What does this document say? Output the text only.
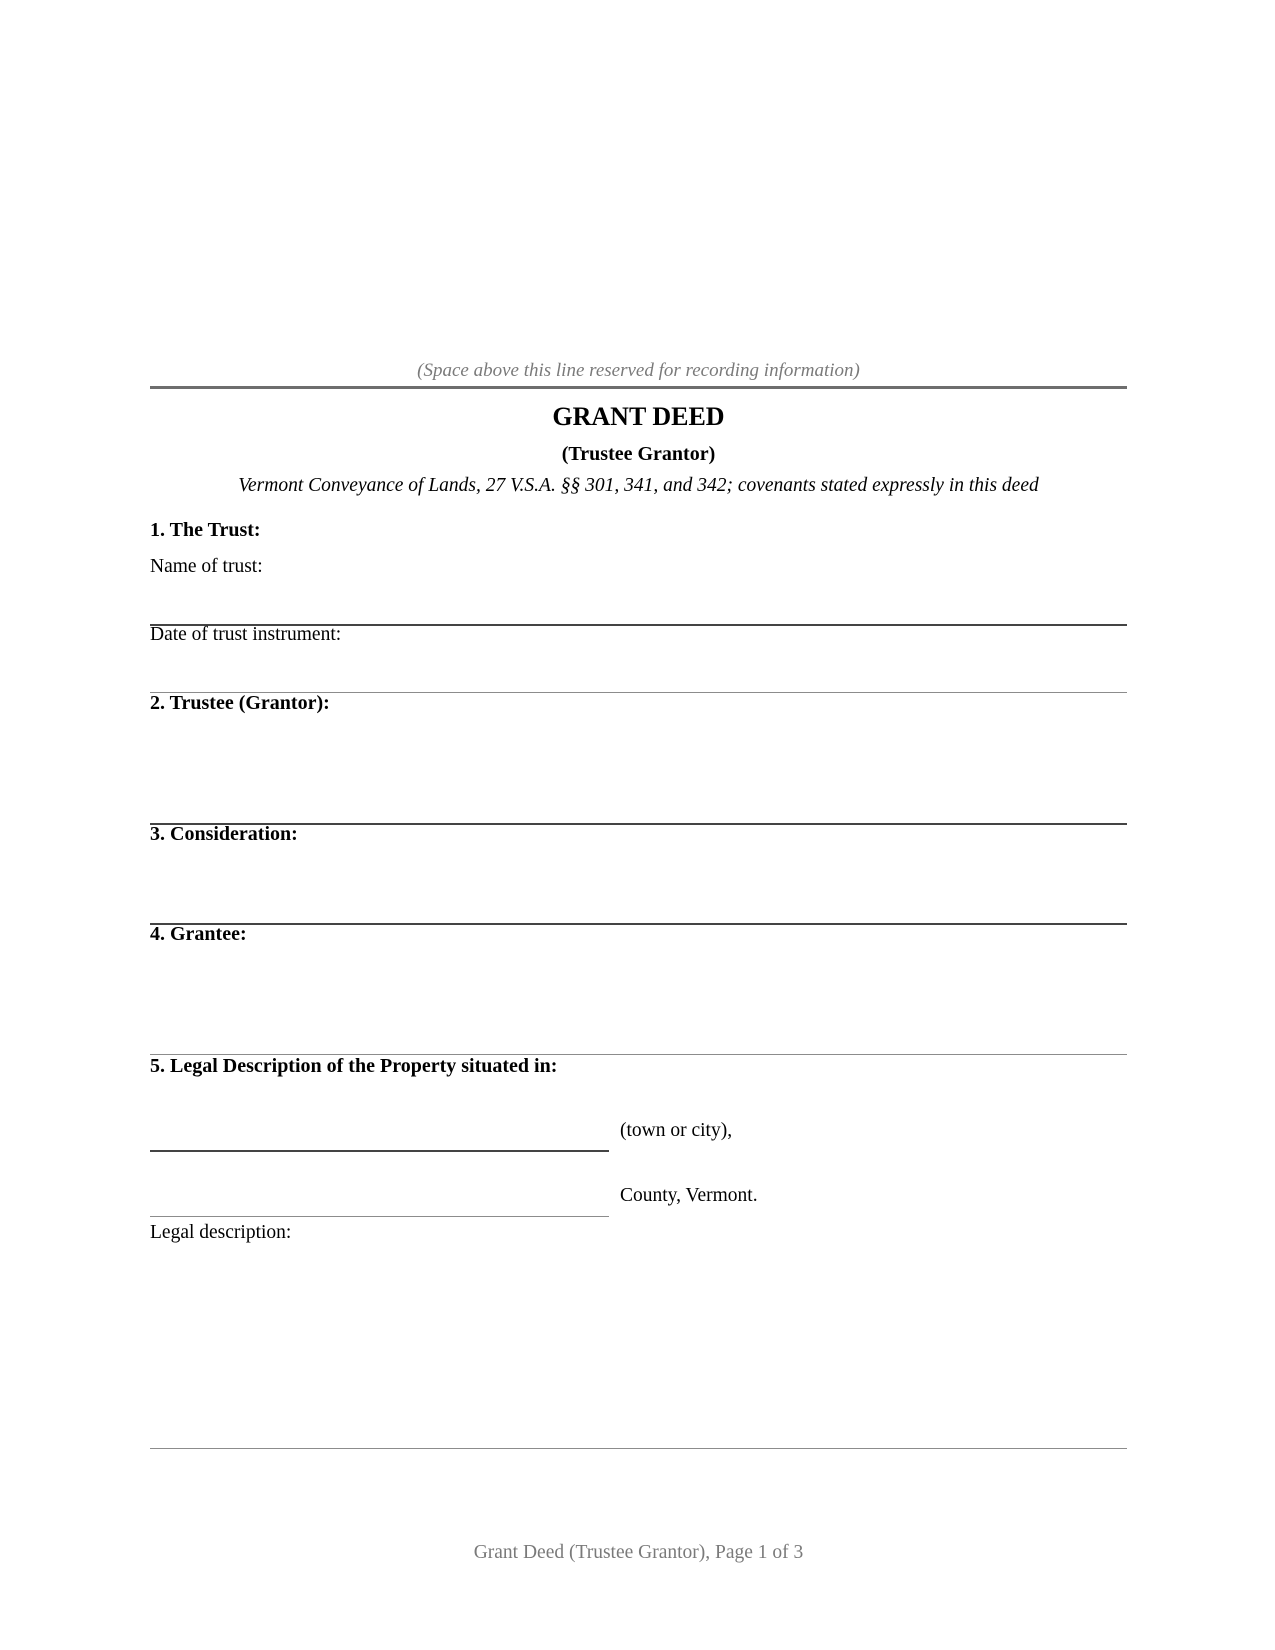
(Space above this line reserved for recording information)
GRANT DEED
(Trustee Grantor)
Vermont Conveyance of Lands, 27 V.S.A. §§ 301, 341, and 342; covenants stated expressly in this deed
1. The Trust:
Name of trust:
Date of trust instrument:
2. Trustee (Grantor):
3. Consideration:
4. Grantee:
5. Legal Description of the Property situated in:
(town or city),
County, Vermont.
Legal description:
Grant Deed (Trustee Grantor), Page 1 of 3
